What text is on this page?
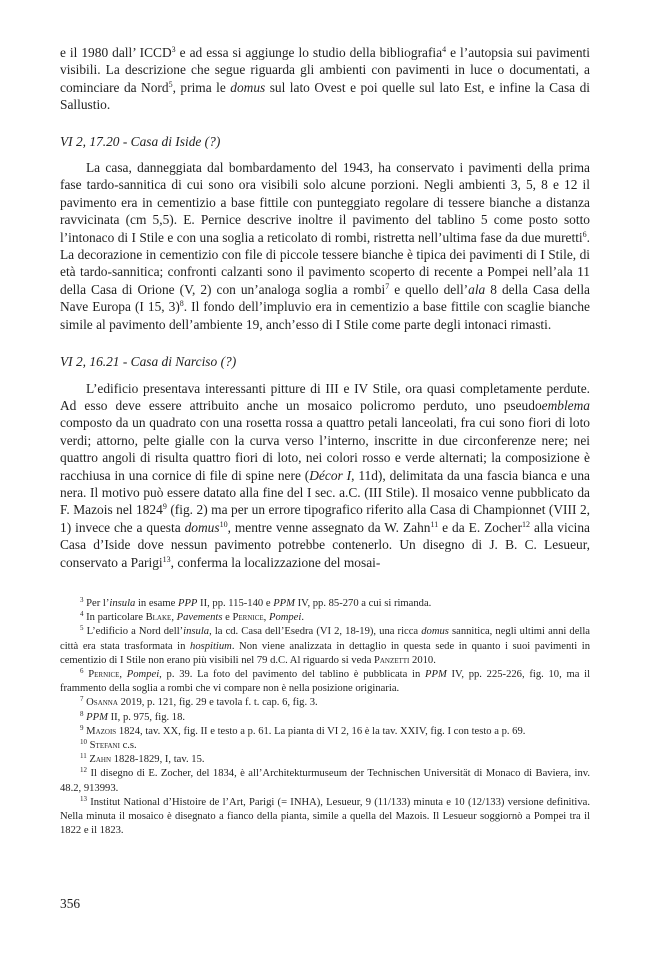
e il 1980 dall’ ICCD$^3$ e ad essa si aggiunge lo studio della bibliografia$^4$ e l’autopsia sui pavimenti visibili. La descrizione che segue riguarda gli ambienti con pavimenti in luce o documentati, a cominciare da Nord$^5$, prima le domus sul lato Ovest e poi quelle sul lato Est, e infine la Casa di Sallustio.

VI 2, 17.20 - Casa di Iside (?)

La casa, danneggiata dal bombardamento del 1943, ha conservato i pavimenti della prima fase tardo-sannitica di cui sono ora visibili solo alcune porzioni. Negli ambienti 3, 5, 8 e 12 il pavimento era in cementizio a base fittile con punteggiato regolare di tessere bianche a distanza ravvicinata (cm 5,5). E. Pernice descrive inoltre il pavimento del tablino 5 come posto sotto l’intonaco di I Stile e con una soglia a reticolato di rombi, ristretta nell’ultima fase da due muretti$^6$. La decorazione in cementizio con file di piccole tessere bianche è tipica dei pavimenti di I Stile, di età tardo-sannitica; confronti calzanti sono il pavimento scoperto di recente a Pompei nell’ala 11 della Casa di Orione (V, 2) con un’analoga soglia a rombi$^7$ e quello dell’ala 8 della Casa della Nave Europa (I 15, 3)$^8$. Il fondo dell’impluvio era in cementizio a base fittile con scaglie bianche simile al pavimento dell’ambiente 19, anch’esso di I Stile come parte degli intonaci rimasti.

VI 2, 16.21 - Casa di Narciso (?)

L’edificio presentava interessanti pitture di III e IV Stile, ora quasi completamente perdute. Ad esso deve essere attribuito anche un mosaico policromo perduto, uno pseudoemblema composto da un quadrato con una rosetta rossa a quattro petali lanceolati, fra cui sono fiori di loto verdi; attorno, pelte gialle con la curva verso l’interno, inscritte in due circonferenze nere; nei quattro angoli di risulta quattro fiori di loto, nei colori rosso e verde alternati; la composizione è racchiusa in una cornice di file di spine nere (Décor I, 11d), delimitata da una fascia bianca e una nera. Il motivo può essere datato alla fine del I sec. a.C. (III Stile). Il mosaico venne pubblicato da F. Mazois nel 1824$^9$ (fig. 2) ma per un errore tipografico riferito alla Casa di Championnet (VIII 2, 1) invece che a questa domus$^{10}$, mentre venne assegnato da W. Zahn$^{11}$ e da E. Zocher$^{12}$ alla vicina Casa d’Iside dove nessun pavimento potrebbe contenerlo. Un disegno di J. B. C. Lesueur, conservato a Parigi$^{13}$, conferma la localizzazione del mosai-

$^3$ Per l’insula in esame PPP II, pp. 115-140 e PPM IV, pp. 85-270 a cui si rimanda.

$^4$ In particolare Blake, Pavements e Pernice, Pompei.

$^5$ L’edificio a Nord dell’insula, la cd. Casa dell’Esedra (VI 2, 18-19), una ricca domus sannitica, negli ultimi anni della città era stata trasformata in hospitium. Non viene analizzata in dettaglio in questa sede in quanto i suoi pavimenti in cementizio di I Stile non erano più visibili nel 79 d.C. Al riguardo si veda Panzetti 2010.

$^6$ Pernice, Pompei, p. 39. La foto del pavimento del tablino è pubblicata in PPM IV, pp. 225-226, fig. 10, ma il frammento della soglia a rombi che vi compare non è nella posizione originaria.

$^7$ Osanna 2019, p. 121, fig. 29 e tavola f. t. cap. 6, fig. 3.

$^8$ PPM II, p. 975, fig. 18.

$^9$ Mazois 1824, tav. XX, fig. II e testo a p. 61. La pianta di VI 2, 16 è la tav. XXIV, fig. I con testo a p. 69.

$^{10}$ Stefani c.s.

$^{11}$ Zahn 1828-1829, I, tav. 15.

$^{12}$ Il disegno di E. Zocher, del 1834, è all’Architekturmuseum der Technischen Universität di Monaco di Baviera, inv. 48.2, 913993.

$^{13}$ Institut National d’Histoire de l’Art, Parigi (= INHA), Lesueur, 9 (11/133) minuta e 10 (12/133) versione definitiva. Nella minuta il mosaico è disegnato a fianco della pianta, simile a quella del Mazois. Il Lesueur soggiornò a Pompei tra il 1822 e il 1823.

356
